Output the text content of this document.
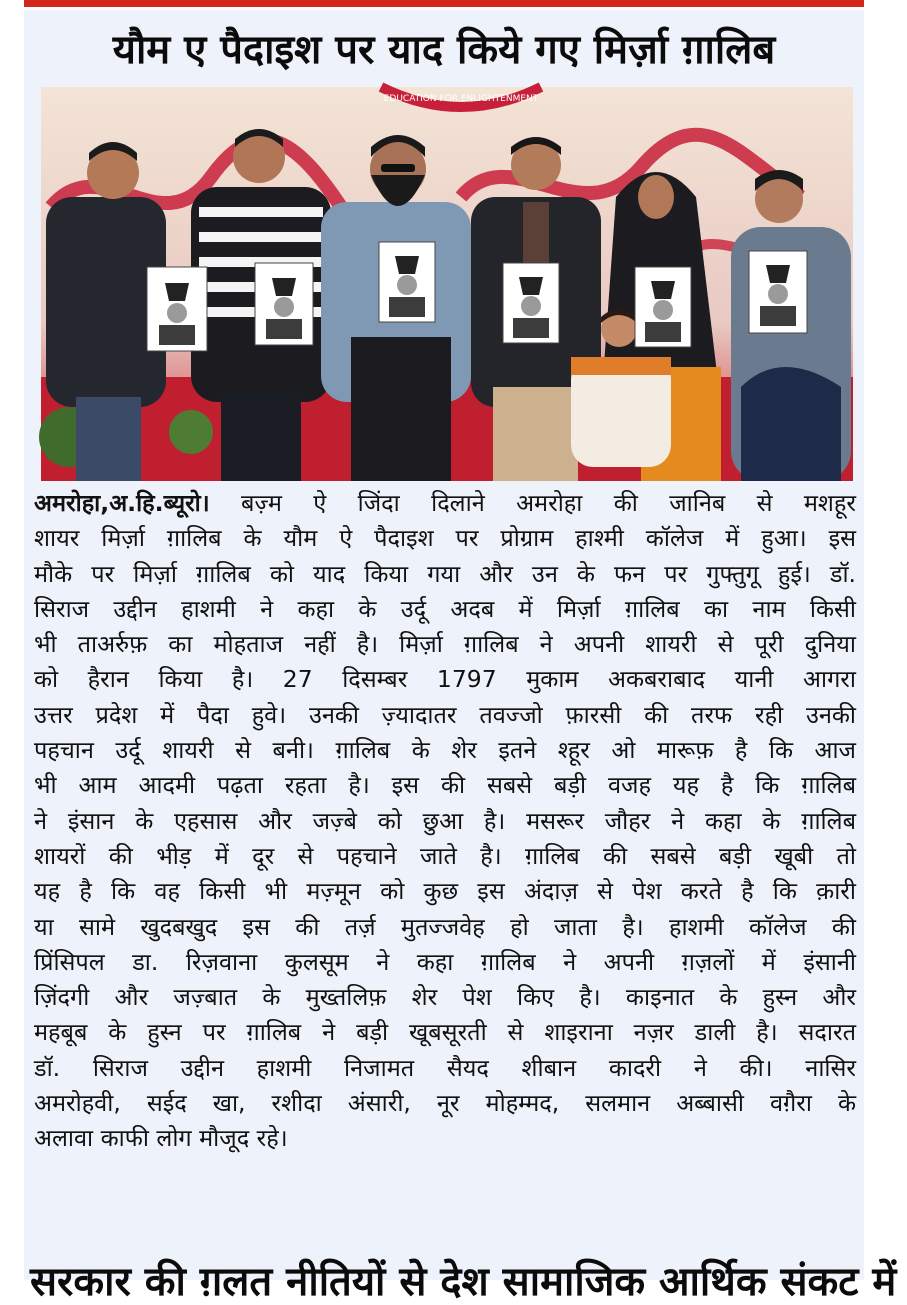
यौम ए पैदाइश पर याद किये गए मिर्ज़ा ग़ालिब
EDUCATION FOR ENLIGHTENMENT
अमरोहा,अ.हि.ब्यूरो। बज़्म ऐ जिंदा दिलाने अमरोहा की जानिब से मशहूर
शायर मिर्ज़ा ग़ालिब के यौम ऐ पैदाइश पर प्रोग्राम हाश्मी कॉलेज में हुआ। इस
मौके पर मिर्ज़ा ग़ालिब को याद किया गया और उन के फन पर गुफ्तुगू हुई। डॉ.
सिराज उद्दीन हाशमी ने कहा के उर्दू अदब में मिर्ज़ा ग़ालिब का नाम किसी
भी ताअर्रुफ़ का मोहताज नहीं है। मिर्ज़ा ग़ालिब ने अपनी शायरी से पूरी दुनिया
को हैरान किया है। 27 दिसम्बर 1797 मुकाम अकबराबाद यानी आगरा
उत्तर प्रदेश में पैदा हुवे। उनकी ज़्यादातर तवज्जो फ़ारसी की तरफ रही उनकी
पहचान उर्दू शायरी से बनी। ग़ालिब के शेर इतने श्हूर ओ मारूफ़ है कि आज
भी आम आदमी पढ़ता रहता है। इस की सबसे बड़ी वजह यह है कि ग़ालिब
ने इंसान के एहसास और जज़्बे को छुआ है। मसरूर जौहर ने कहा के ग़ालिब
शायरों की भीड़ में दूर से पहचाने जाते है। ग़ालिब की सबसे बड़ी खूबी तो
यह है कि वह किसी भी मज़्मून को कुछ इस अंदाज़ से पेश करते है कि क़ारी
या सामे खुदबखुद इस की तर्ज़ मुतज्जवेह हो जाता है। हाशमी कॉलेज की
प्रिंसिपल डा. रिज़वाना कुलसूम ने कहा ग़ालिब ने अपनी ग़ज़लों में इंसानी
ज़िंदगी और जज़्बात के मुख्तलिफ़ शेर पेश किए है। काइनात के हुस्न और
महबूब के हुस्न पर ग़ालिब ने बड़ी खूबसूरती से शाइराना नज़र डाली है। सदारत
डॉ. सिराज उद्दीन हाशमी निजामत सैयद शीबान कादरी ने की। नासिर
अमरोहवी, सईद खा, रशीदा अंसारी, नूर मोहम्मद, सलमान अब्बासी वग़ैरा के
अलावा काफी लोग मौजूद रहे।
सरकार की ग़लत नीतियों से देश सामाजिक आर्थिक संकट में
